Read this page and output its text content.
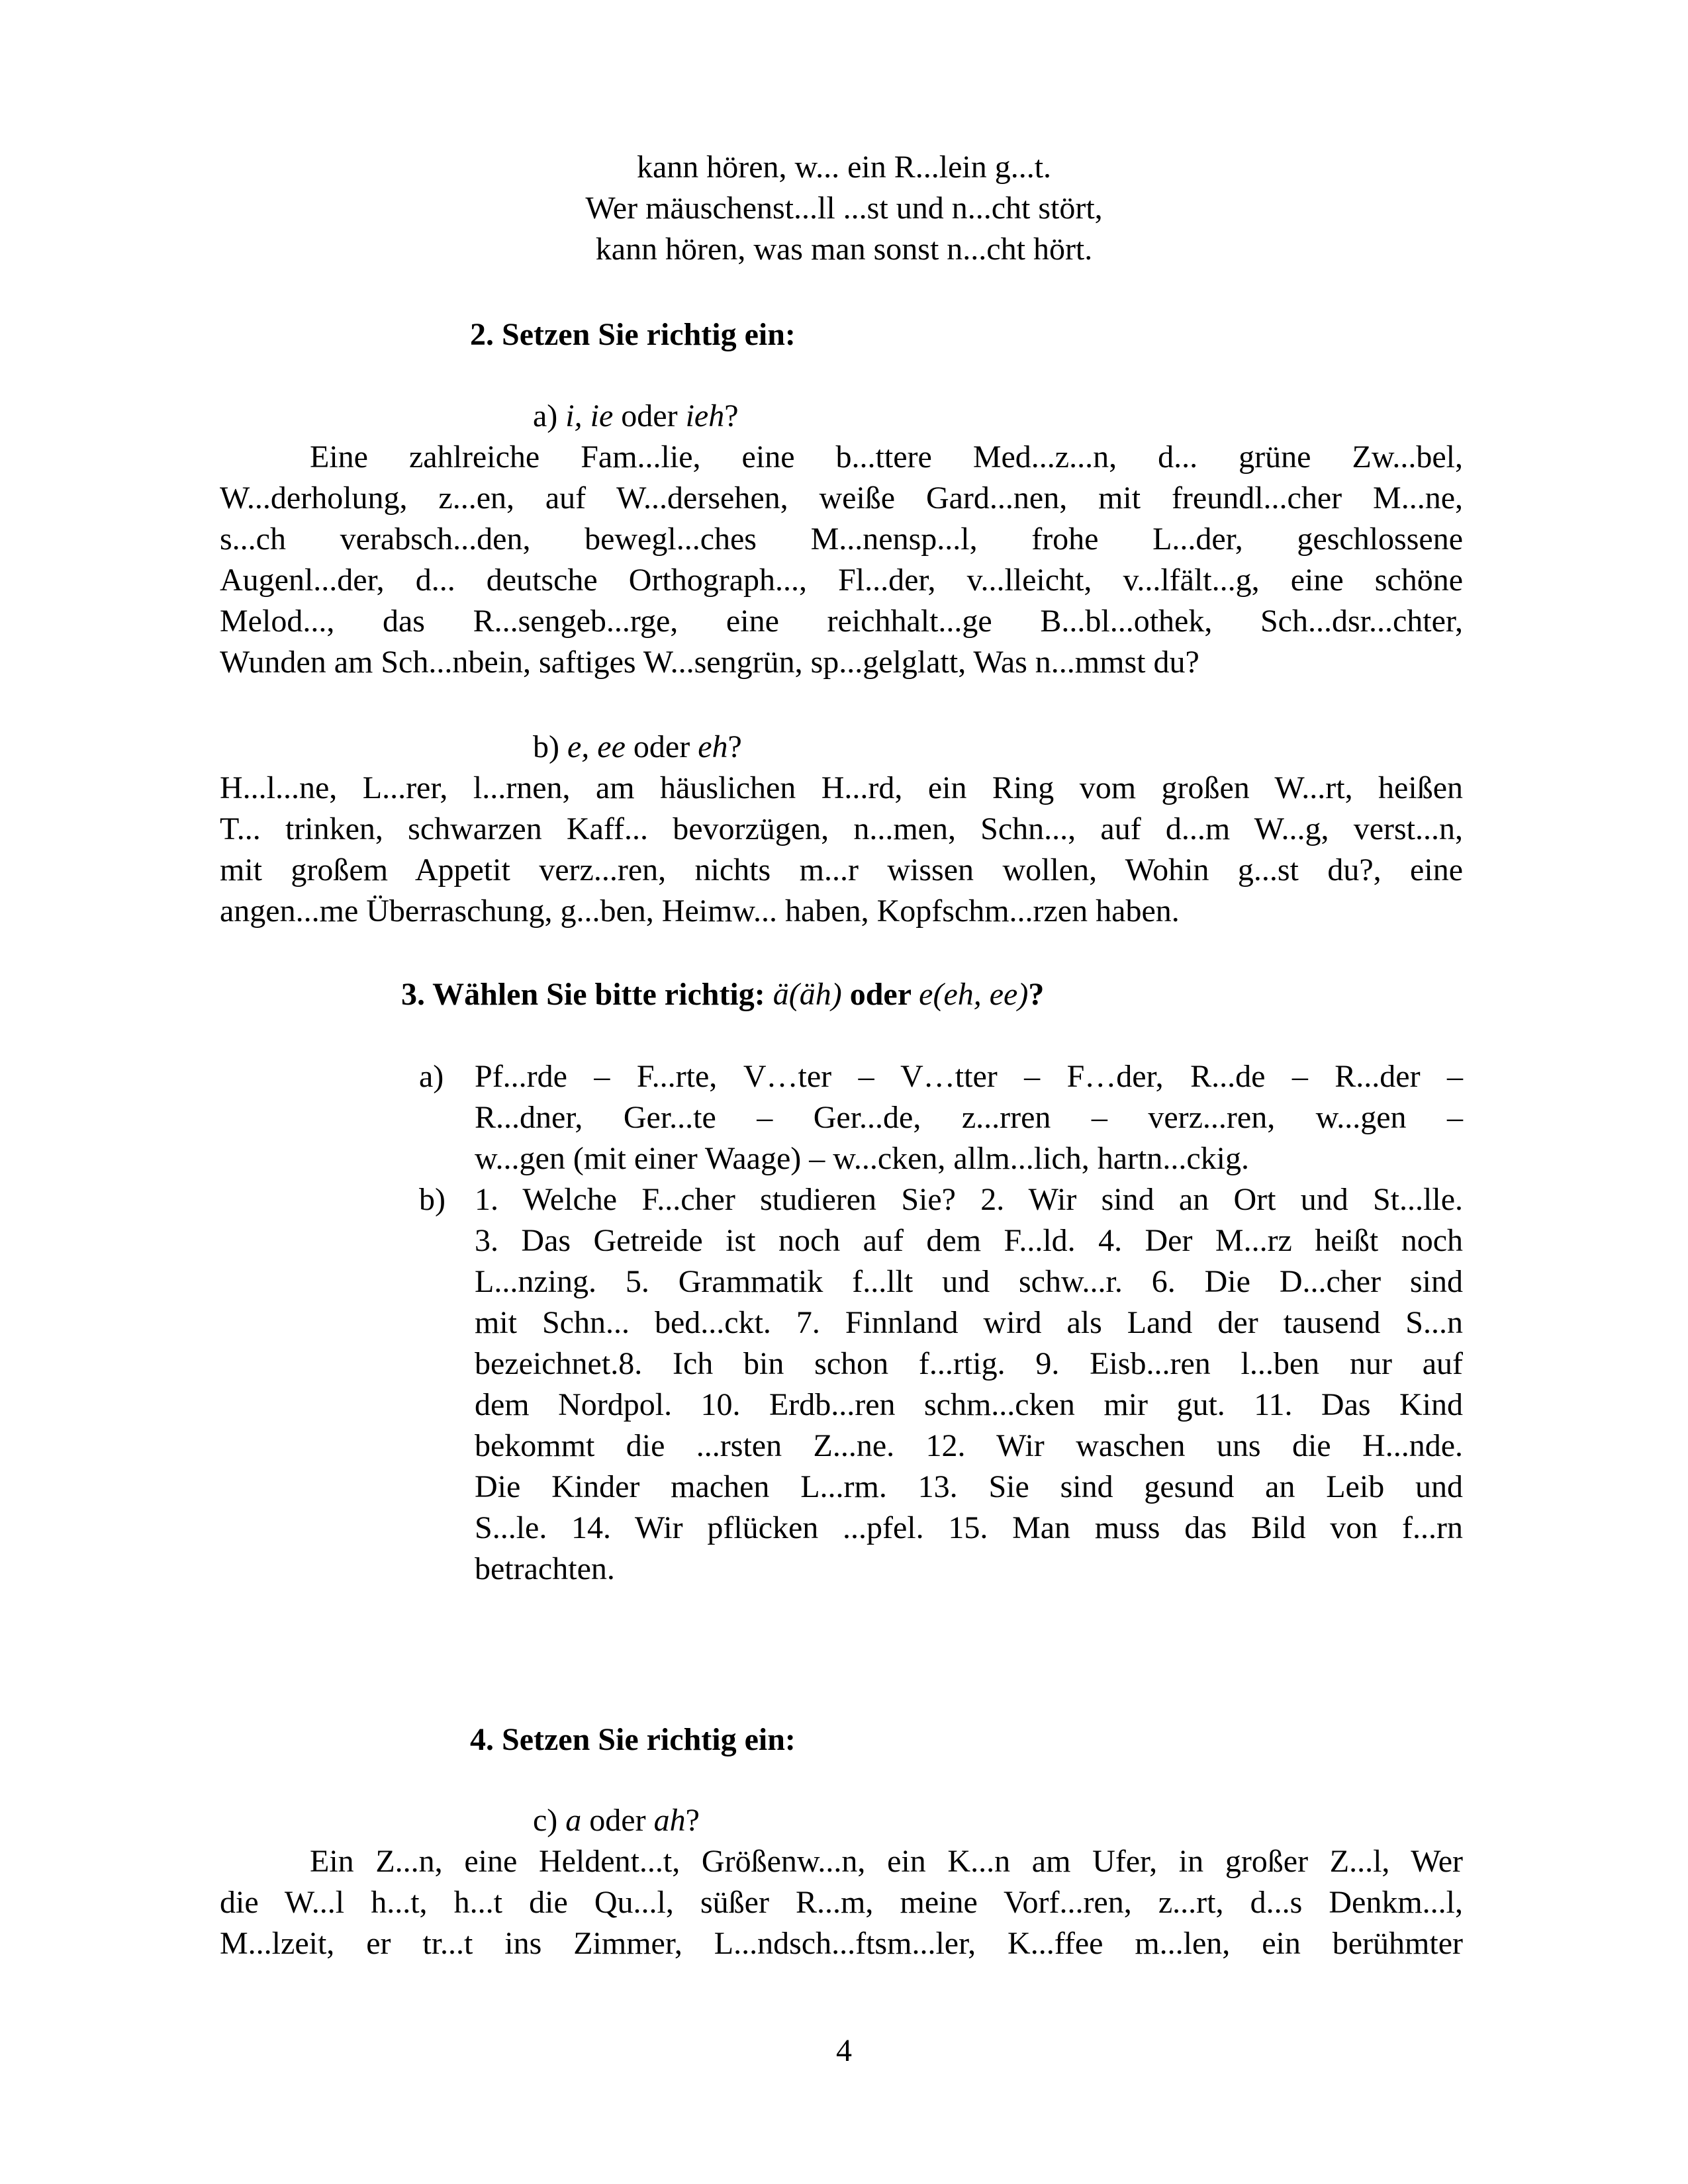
kann hören, w... ein R...lein g...t.
Wer mäuschenst...ll ...st und n...cht stört,
kann hören, was man sonst n...cht hört.
2. Setzen Sie richtig ein:
a) i, ie oder ieh?
Eine zahlreiche Fam...lie, eine b...ttere Med...z...n, d... grüne Zw...bel,
W...derholung, z...en, auf W...dersehen, weiße Gard...nen, mit freundl...cher M...ne,
s...ch verabsch...den, bewegl...ches M...nensp...l, frohe L...der, geschlossene
Augenl...der, d... deutsche Orthograph..., Fl...der, v...lleicht, v...lfält...g, eine schöne
Melod..., das R...sengeb...rge, eine reichhalt...ge B...bl...othek, Sch...dsr...chter,
Wunden am Sch...nbein, saftiges W...sengrün, sp...gelglatt, Was n...mmst du?
b) e, ee oder eh?
H...l...ne, L...rer, l...rnen, am häuslichen H...rd, ein Ring vom großen W...rt, heißen
T... trinken, schwarzen Kaff... bevorzügen, n...men, Schn..., auf d...m W...g, verst...n,
mit großem Appetit verz...ren, nichts m...r wissen wollen, Wohin g...st du?, eine
angen...me Überraschung, g...ben, Heimw... haben, Kopfschm...rzen haben.
3. Wählen Sie bitte richtig: ä(äh) oder e(eh, ee)?
a) Pf...rde – F...rte, V…ter – V…tter – F…der, R...de – R...der –
R...dner, Ger...te – Ger...de, z...rren – verz...ren, w...gen –
w...gen (mit einer Waage) – w...cken, allm...lich, hartn...ckig.
b) 1. Welche F...cher studieren Sie? 2. Wir sind an Ort und St...lle.
3. Das Getreide ist noch auf dem F...ld. 4. Der M...rz heißt noch
L...nzing. 5. Grammatik f...llt und schw...r. 6. Die D...cher sind
mit Schn... bed...ckt. 7. Finnland wird als Land der tausend S...n
bezeichnet.8. Ich bin schon f...rtig. 9. Eisb...ren l...ben nur auf
dem Nordpol. 10. Erdb...ren schm...cken mir gut. 11. Das Kind
bekommt die ...rsten Z...ne. 12. Wir waschen uns die H...nde.
Die Kinder machen L...rm. 13. Sie sind gesund an Leib und
S...le. 14. Wir pflücken ...pfel. 15. Man muss das Bild von f...rn
betrachten.
4. Setzen Sie richtig ein:
c) a oder ah?
Ein Z...n, eine Heldent...t, Größenw...n, ein K...n am Ufer, in großer Z...l, Wer
die W...l h...t, h...t die Qu...l, süßer R...m, meine Vorf...ren, z...rt, d...s Denkm...l,
M...lzeit, er tr...t ins Zimmer, L...ndsch...ftsm...ler, K...ffee m...len, ein berühmter
4
